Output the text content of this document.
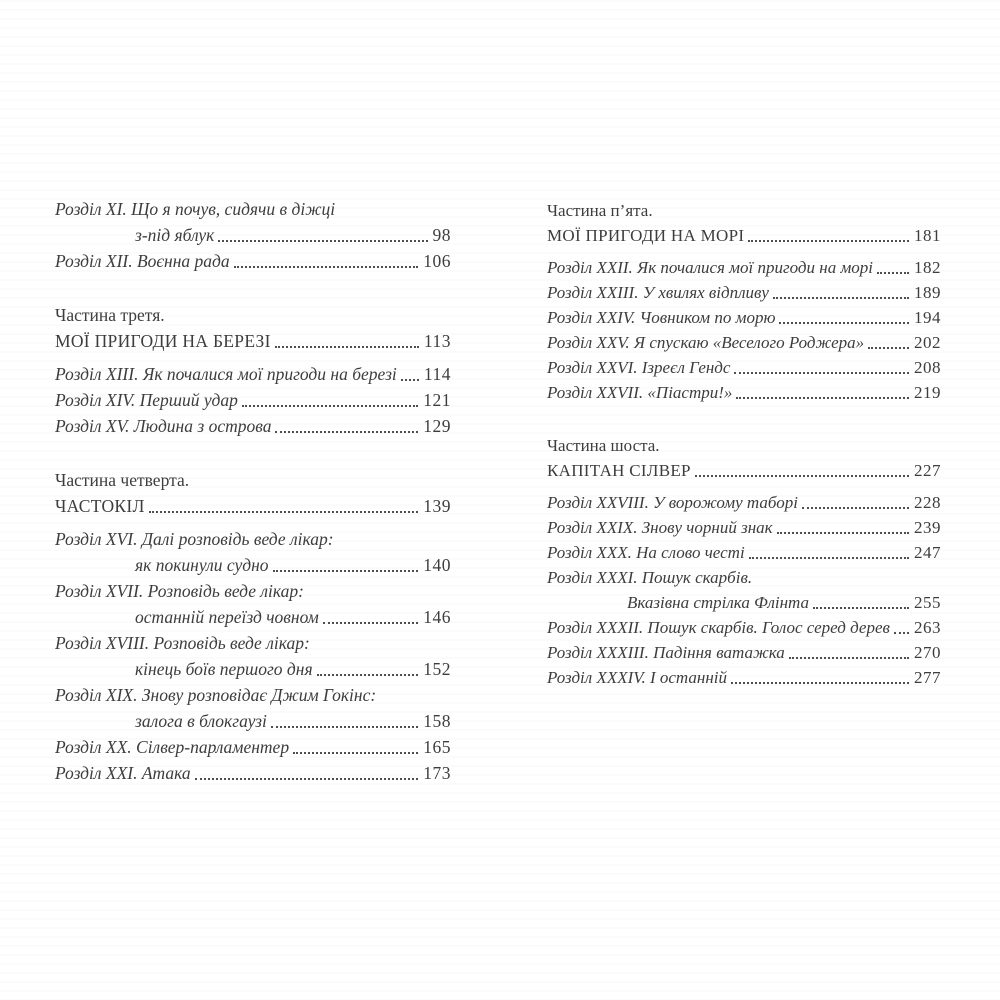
Розділ XI. Що я почув, сидячи в діжці
з-під яблук	98
Розділ XII. Воєнна рада	106
Частина третя.
МОЇ ПРИГОДИ НА БЕРЕЗІ	113
Розділ XIII. Як почалися мої пригоди на березі 114
Розділ XIV. Перший удар	121
Розділ XV. Людина з острова	129
Частина четверта.
ЧАСТОКІЛ	139
Розділ XVI. Далі розповідь веде лікар:
як покинули судно	140
Розділ XVII. Розповідь веде лікар:
останній переїзд човном	146
Розділ XVIII. Розповідь веде лікар:
кінець боїв першого дня	152
Розділ XIX. Знову розповідає Джим Гокінс:
залога в блокгаузі	158
Розділ XX. Сілвер-парламентер	165
Розділ XXI. Атака	173
Частина п’ята.
МОЇ ПРИГОДИ НА МОРІ	181
Розділ XXII. Як почалися мої пригоди на морі 182
Розділ XXIII. У хвилях відпливу	189
Розділ XXIV. Човником по морю	194
Розділ XXV. Я спускаю «Веселого Роджера»	202
Розділ XXVI. Ізреєл Гендс	208
Розділ XXVII. «Піастри!»	219
Частина шоста.
КАПІТАН СІЛВЕР	227
Розділ XXVIII. У ворожому таборі	228
Розділ XXIX. Знову чорний знак	239
Розділ XXX. На слово честі	247
Розділ XXXI. Пошук скарбів.
Вказівна стрілка Флінта	255
Розділ XXXII. Пошук скарбів. Голос серед дерев 263
Розділ XXXIII. Падіння ватажка	270
Розділ XXXIV. І останній	277
